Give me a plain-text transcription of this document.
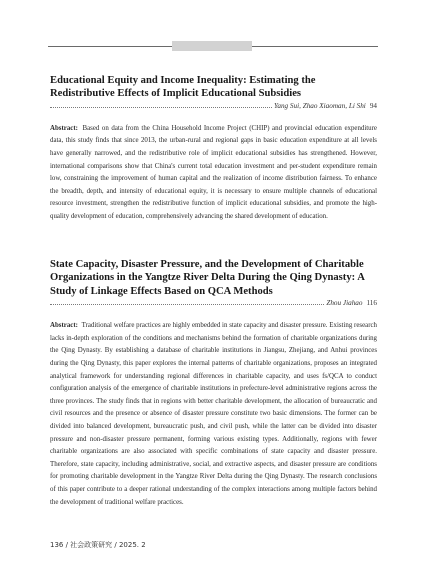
Educational Equity and Income Inequality: Estimating the Redistributive Effects of Implicit Educational Subsidies
Yang Sui, Zhao Xiaoman, Li Shi 94
Abstract: Based on data from the China Household Income Project (CHIP) and provincial education expenditure data, this study finds that since 2013, the urban-rural and regional gaps in basic education expenditure at all levels have generally narrowed, and the redistributive role of implicit educational subsidies has strengthened. However, international comparisons show that China's current total education investment and per-student expenditure remain low, constraining the improvement of human capital and the realization of income distribution fairness. To enhance the breadth, depth, and intensity of educational equity, it is necessary to ensure multiple channels of educational resource investment, strengthen the redistributive function of implicit educational subsidies, and promote the high-quality development of education, comprehensively advancing the shared development of education.
State Capacity, Disaster Pressure, and the Development of Charitable Organizations in the Yangtze River Delta During the Qing Dynasty: A Study of Linkage Effects Based on QCA Methods
Zhou Jiahao 116
Abstract: Traditional welfare practices are highly embedded in state capacity and disaster pressure. Existing research lacks in-depth exploration of the conditions and mechanisms behind the formation of charitable organizations during the Qing Dynasty. By establishing a database of charitable institutions in Jiangsu, Zhejiang, and Anhui provinces during the Qing Dynasty, this paper explores the internal patterns of charitable organizations, proposes an integrated analytical framework for understanding regional differences in charitable capacity, and uses fs/QCA to conduct configuration analysis of the emergence of charitable institutions in prefecture-level administrative regions across the three provinces. The study finds that in regions with better charitable development, the allocation of bureaucratic and civil resources and the presence or absence of disaster pressure constitute two basic dimensions. The former can be divided into balanced development, bureaucratic push, and civil push, while the latter can be divided into disaster pressure and non-disaster pressure permanent, forming various existing types. Additionally, regions with fewer charitable organizations are also associated with specific combinations of state capacity and disaster pressure. Therefore, state capacity, including administrative, social, and extractive aspects, and disaster pressure are conditions for promoting charitable development in the Yangtze River Delta during the Qing Dynasty. The research conclusions of this paper contribute to a deeper rational understanding of the complex interactions among multiple factors behind the development of traditional welfare practices.
136 / 社会政策研究 / 2025. 2
